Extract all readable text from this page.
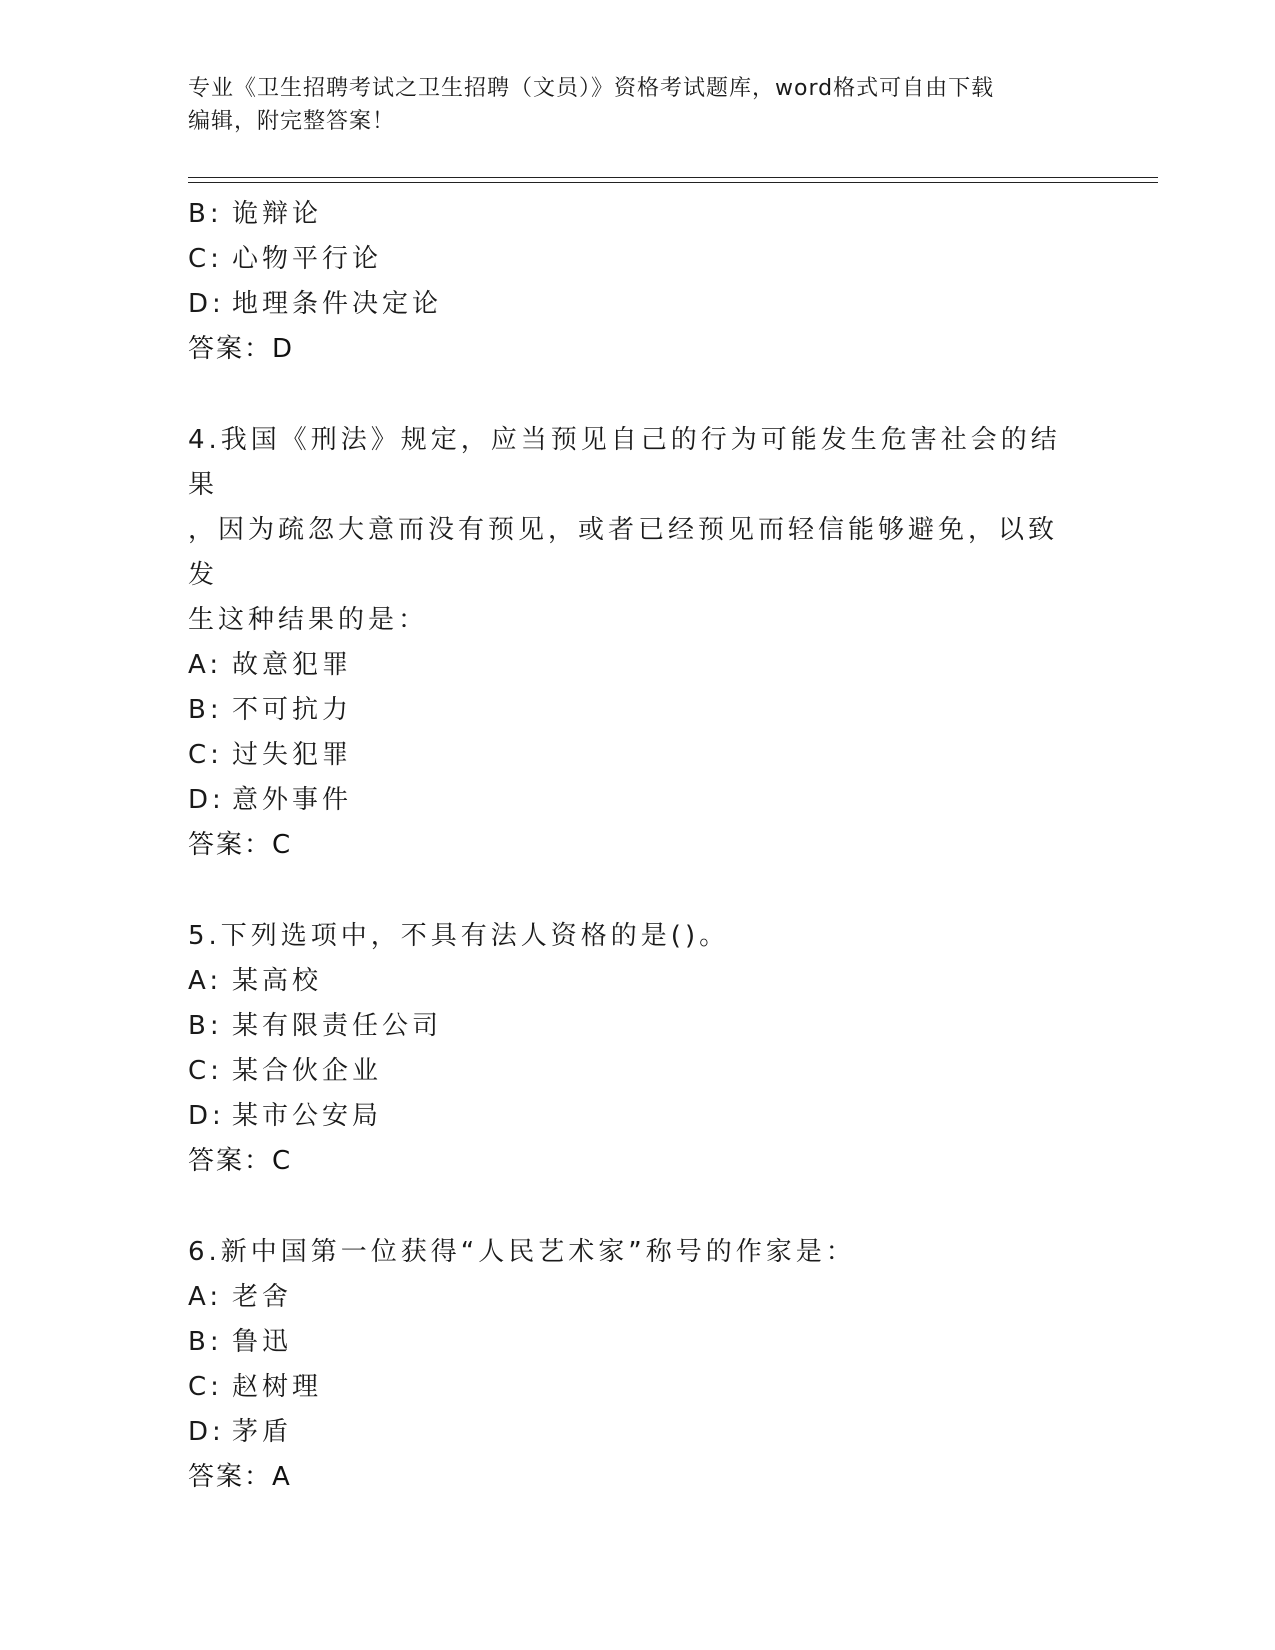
专业《卫生招聘考试之卫生招聘（文员）》资格考试题库，word格式可自由下载
编辑，附完整答案！
B: 诡辩论
C: 心物平行论
D: 地理条件决定论
答案：D
4.我国《刑法》规定，应当预见自己的行为可能发生危害社会的结果
，因为疏忽大意而没有预见，或者已经预见而轻信能够避免，以致发
生这种结果的是：
A: 故意犯罪
B: 不可抗力
C: 过失犯罪
D: 意外事件
答案：C
5.下列选项中，不具有法人资格的是()。
A: 某高校
B: 某有限责任公司
C: 某合伙企业
D: 某市公安局
答案：C
6.新中国第一位获得“人民艺术家”称号的作家是：
A: 老舍
B: 鲁迅
C: 赵树理
D: 茅盾
答案：A
